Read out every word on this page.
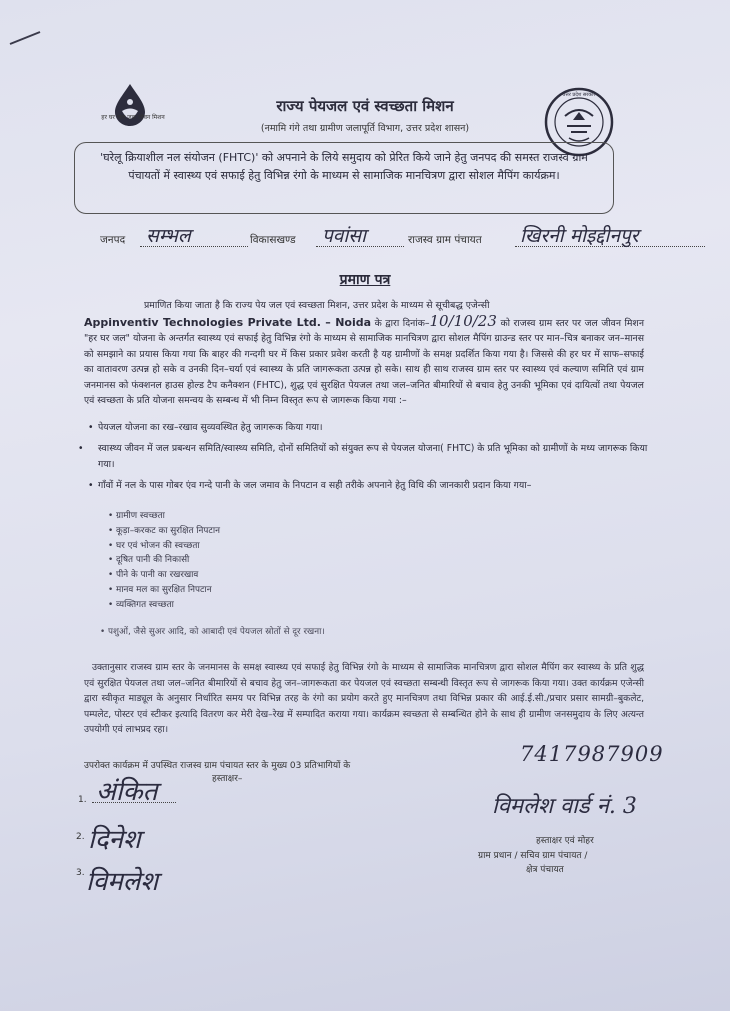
हर घर जल जल जीवन मिशन
उत्तर प्रदेश सरकार
राज्य पेयजल एवं स्वच्छता मिशन
(नमामि गंगे तथा ग्रामीण जलापूर्ति विभाग, उत्तर प्रदेश शासन)
'घरेलू क्रियाशील नल संयोजन (FHTC)' को अपनाने के लिये समुदाय को प्रेरित किये जाने हेतु जनपद की समस्त राजस्व ग्राम पंचायतों में स्वास्थ्य एवं सफाई हेतु विभिन्न रंगो के माध्यम से सामाजिक मानचित्रण द्वारा सोशल मैपिंग कार्यक्रम।
जनपद सम्भल	विकासखण्ड पवांसा	राजस्व ग्राम पंचायत खिरनी मोइद्दीनपुर
प्रमाण पत्र
प्रमाणित किया जाता है कि राज्य पेय जल एवं स्वच्छता मिशन, उत्तर प्रदेश के माध्यम से सूचीबद्ध एजेन्सी
Appinventiv Technologies Private Ltd. – Noida के द्वारा दिनांक–10/10/23 को राजस्व ग्राम स्तर पर जल जीवन मिशन "हर घर जल" योजना के अन्तर्गत स्वास्थ्य एवं सफाई हेतु विभिन्न रंगो के माध्यम से सामाजिक मानचित्रण द्वारा सोशल मैपिंग ग्राउन्ड स्तर पर मान–चित्र बनाकर जन–मानस को समझाने का प्रयास किया गया कि बाहर की गन्दगी घर में किस प्रकार प्रवेश करती है यह ग्रामीणों के समक्ष प्रदर्शित किया गया है। जिससे की हर घर में साफ–सफाई का वातावरण उत्पन्न हो सके व उनकी दिन–चर्या एवं स्वास्थ्य के प्रति जागरूकता उत्पन्न हो सके। साथ ही साथ राजस्व ग्राम स्तर पर स्वास्थ्य एवं कल्याण समिति एवं ग्राम जनमानस को फंक्शनल हाउस होल्ड टैप कनैक्शन (FHTC), शुद्ध एवं सुरक्षित पेयजल तथा जल–जनित बीमारियों से बचाव हेतु उनकी भूमिका एवं दायित्वों तथा पेयजल एवं स्वच्छता के प्रति योजना समन्वय के सम्बन्ध में भी निम्न विस्तृत रूप से जागरूक किया गया :–
• पेयजल योजना का रख–रखाव सुव्यवस्थित हेतु जागरूक किया गया।
• स्वास्थ्य जीवन में जल प्रबन्धन समिति/स्वास्थ्य समिति, दोनों समितियों को संयुक्त रूप से पेयजल योजना( FHTC) के प्रति भूमिका को ग्रामीणों के मध्य जागरूक किया गया।
• गाँवों में नल के पास गोबर एंव गन्दे पानी के जल जमाव के निपटान व सही तरीके अपनाने हेतु विधि की जानकारी प्रदान किया गया–
• ग्रामीण स्वच्छता
• कूड़ा–करकट का सुरक्षित निपटान
• घर एवं भोजन की स्वच्छता
• दूषित पानी की निकासी
• पीने के पानी का रखरखाव
• मानव मल का सुरक्षित निपटान
• व्यक्तिगत स्वच्छता
• पशुओं, जैसे सुअर आदि, को आबादी एवं पेयजल स्रोतों से दूर रखना।
उक्तानुसार राजस्व ग्राम स्तर के जनमानस के समक्ष स्वास्थ्य एवं सफाई हेतु विभिन्न रंगो के माध्यम से सामाजिक मानचित्रण द्वारा सोशल मैपिंग कर स्वास्थ्य के प्रति शुद्ध एवं सुरक्षित पेयजल तथा जल–जनित बीमारियों से बचाव हेतु जन–जागरूकता कर पेयजल एवं स्वच्छता सम्बन्धी विस्तृत रूप से जागरूक किया गया। उक्त कार्यक्रम एजेन्सी द्वारा स्वीकृत माड्यूल के अनुसार निर्धारित समय पर विभिन्न तरह के रंगो का प्रयोग करते हुए मानचित्रण तथा विभिन्न प्रकार की आई.ई.सी./प्रचार प्रसार सामग्री–बुकलेट, पम्पलेट, पोस्टर एवं स्टीकर इत्यादि वितरण कर मेरी देख–रेख में सम्पादित कराया गया। कार्यक्रम स्वच्छता से सम्बन्धित होने के साथ ही ग्रामीण जनसमुदाय के लिए अत्यन्त उपयोगी एवं लाभप्रद रहा।
उपरोक्त कार्यक्रम में उपस्थित राजस्व ग्राम पंचायत स्तर के मुख्य 03 प्रतिभागियों के
हस्ताक्षर–
1. अंकित
2. दिनेश
3. विमलेश
7417987909
विमलेश वार्ड नं. 3
हस्ताक्षर एवं मोहर
ग्राम प्रधान / सचिव ग्राम पंचायत /
क्षेत्र पंचायत
